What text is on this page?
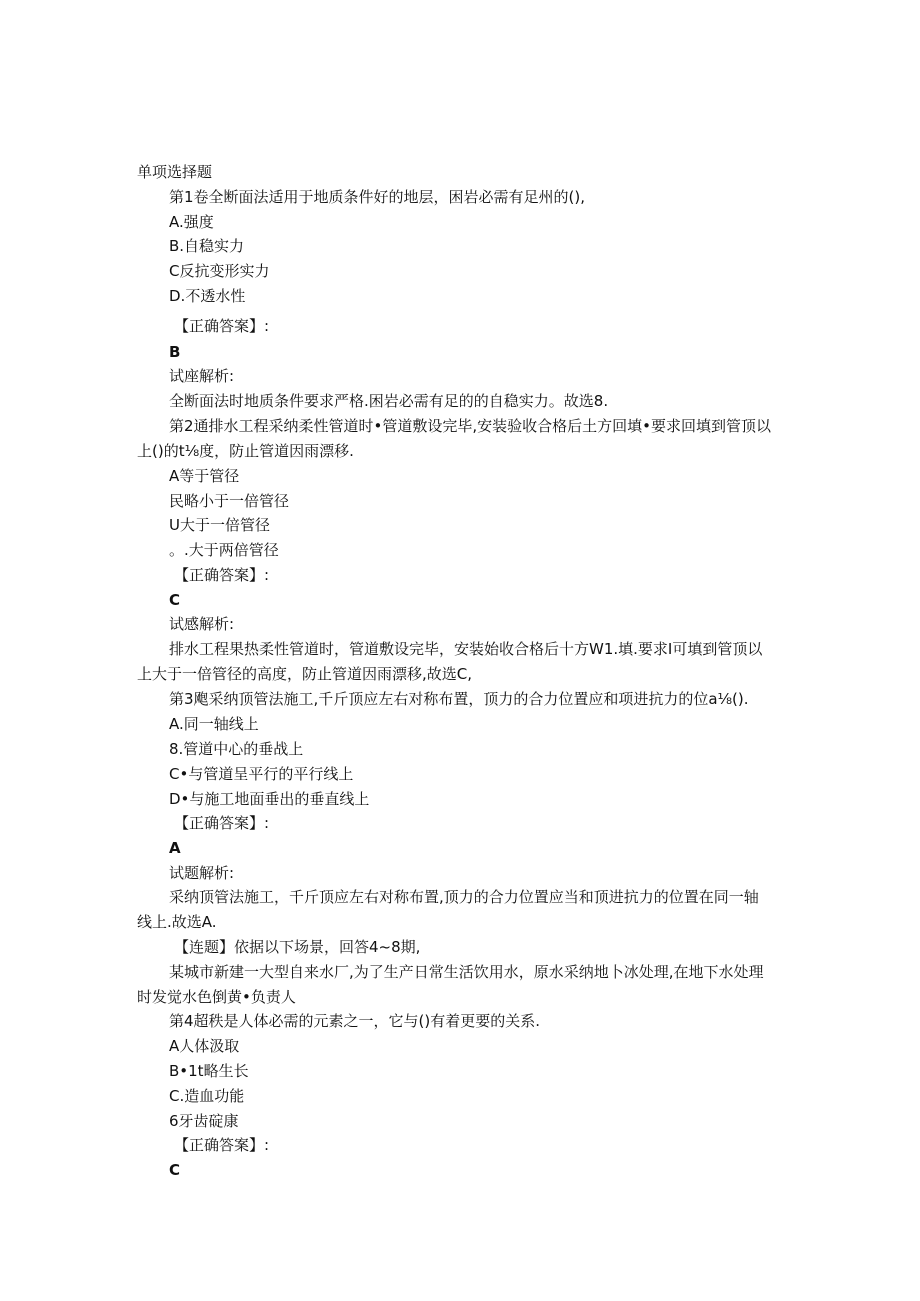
单项选择题
第1卷全断面法适用于地质条件好的地层，困岩必需有足州的(),
A.强度
B.自稳实力
C反抗变形实力
D.不透水性
【正确答案】:
B
试座解析:
全断面法时地质条件要求严格.困岩必需有足的的自稳实力。故选8.
第2通排水工程采纳柔性管道时•管道敷设完毕,安装验收合格后土方回填•要求回填到管顶以
上()的t⅛度，防止管道因雨漂移.
A等于管径
民略小于一倍管径
U大于一倍管径
。.大于两倍管径
【正确答案】:
C
试感解析:
排水工程果热柔性管道时，管道敷设完毕，安装始收合格后十方W1.填.要求I可填到管顶以
上大于一倍管径的高度，防止管道因雨漂移,故选C,
第3飑采纳顶管法施工,千斤顶应左右对称布置，顶力的合力位置应和项进抗力的位a⅛().
A.同一轴线上
8.管道中心的垂战上
C•与管道呈平行的平行线上
D•与施工地面垂出的垂直线上
【正确答案】:
A
试题解析:
采纳顶管法施工，千斤顶应左右对称布置,顶力的合力位置应当和顶进抗力的位置在同一轴
线上.故选A.
【连题】依据以下场景，回答4~8期,
某城市新建一大型自来水厂,为了生产日常生活饮用水，原水采纳地卜冰处理,在地下水处理
时发觉水色倒黄•负责人
第4超秩是人体必需的元素之一，它与()有着更要的关系.
A人体汲取
B•1t略生长
C.造血功能
6牙齿碇康
【正确答案】:
C
